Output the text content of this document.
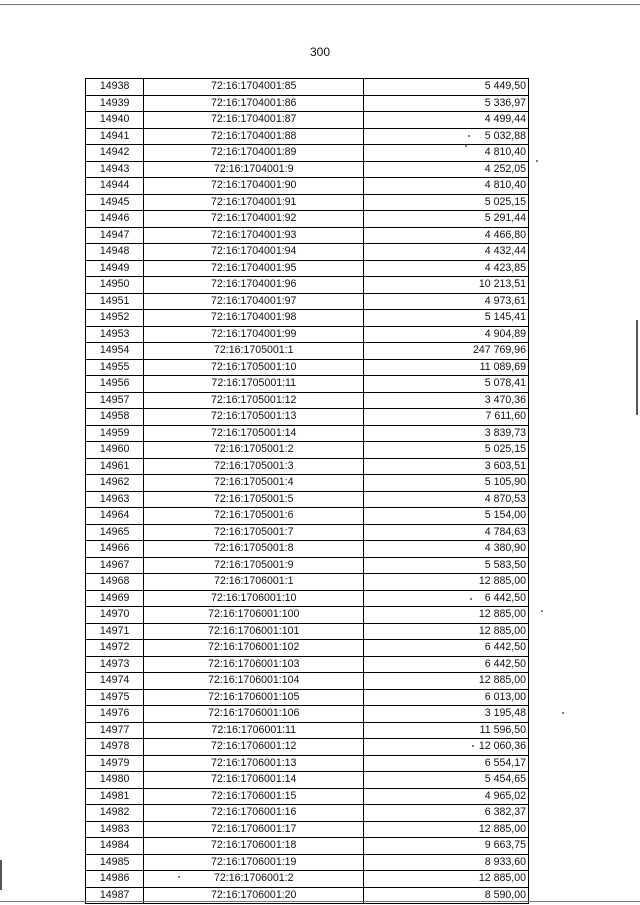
300
14938	72:16:1704001:85	5 449,50
14939	72:16:1704001:86	5 336,97
14940	72:16:1704001:87	4 499,44
14941	72:16:1704001:88	5 032,88
14942	72:16:1704001:89	4 810,40
14943	72:16:1704001:9	4 252,05
14944	72:16:1704001:90	4 810,40
14945	72:16:1704001:91	5 025,15
14946	72:16:1704001:92	5 291,44
14947	72:16:1704001:93	4 466,80
14948	72:16:1704001:94	4 432,44
14949	72:16:1704001:95	4 423,85
14950	72:16:1704001:96	10 213,51
14951	72:16:1704001:97	4 973,61
14952	72:16:1704001:98	5 145,41
14953	72:16:1704001:99	4 904,89
14954	72:16:1705001:1	247 769,96
14955	72:16:1705001:10	11 089,69
14956	72:16:1705001:11	5 078,41
14957	72:16:1705001:12	3 470,36
14958	72:16:1705001:13	7 611,60
14959	72:16:1705001:14	3 839,73
14960	72:16:1705001:2	5 025,15
14961	72:16:1705001:3	3 603,51
14962	72:16:1705001:4	5 105,90
14963	72:16:1705001:5	4 870,53
14964	72:16:1705001:6	5 154,00
14965	72:16:1705001:7	4 784,63
14966	72:16:1705001:8	4 380,90
14967	72:16:1705001:9	5 583,50
14968	72:16:1706001:1	12 885,00
14969	72:16:1706001:10	6 442,50
14970	72:16:1706001:100	12 885,00
14971	72:16:1706001:101	12 885,00
14972	72:16:1706001:102	6 442,50
14973	72:16:1706001:103	6 442,50
14974	72:16:1706001:104	12 885,00
14975	72:16:1706001:105	6 013,00
14976	72:16:1706001:106	3 195,48
14977	72:16:1706001:11	11 596,50
14978	72:16:1706001:12	12 060,36
14979	72:16:1706001:13	6 554,17
14980	72:16:1706001:14	5 454,65
14981	72:16:1706001:15	4 965,02
14982	72:16:1706001:16	6 382,37
14983	72:16:1706001:17	12 885,00
14984	72:16:1706001:18	9 663,75
14985	72:16:1706001:19	8 933,60
14986	72:16:1706001:2	12 885,00
14987	72:16:1706001:20	8 590,00
